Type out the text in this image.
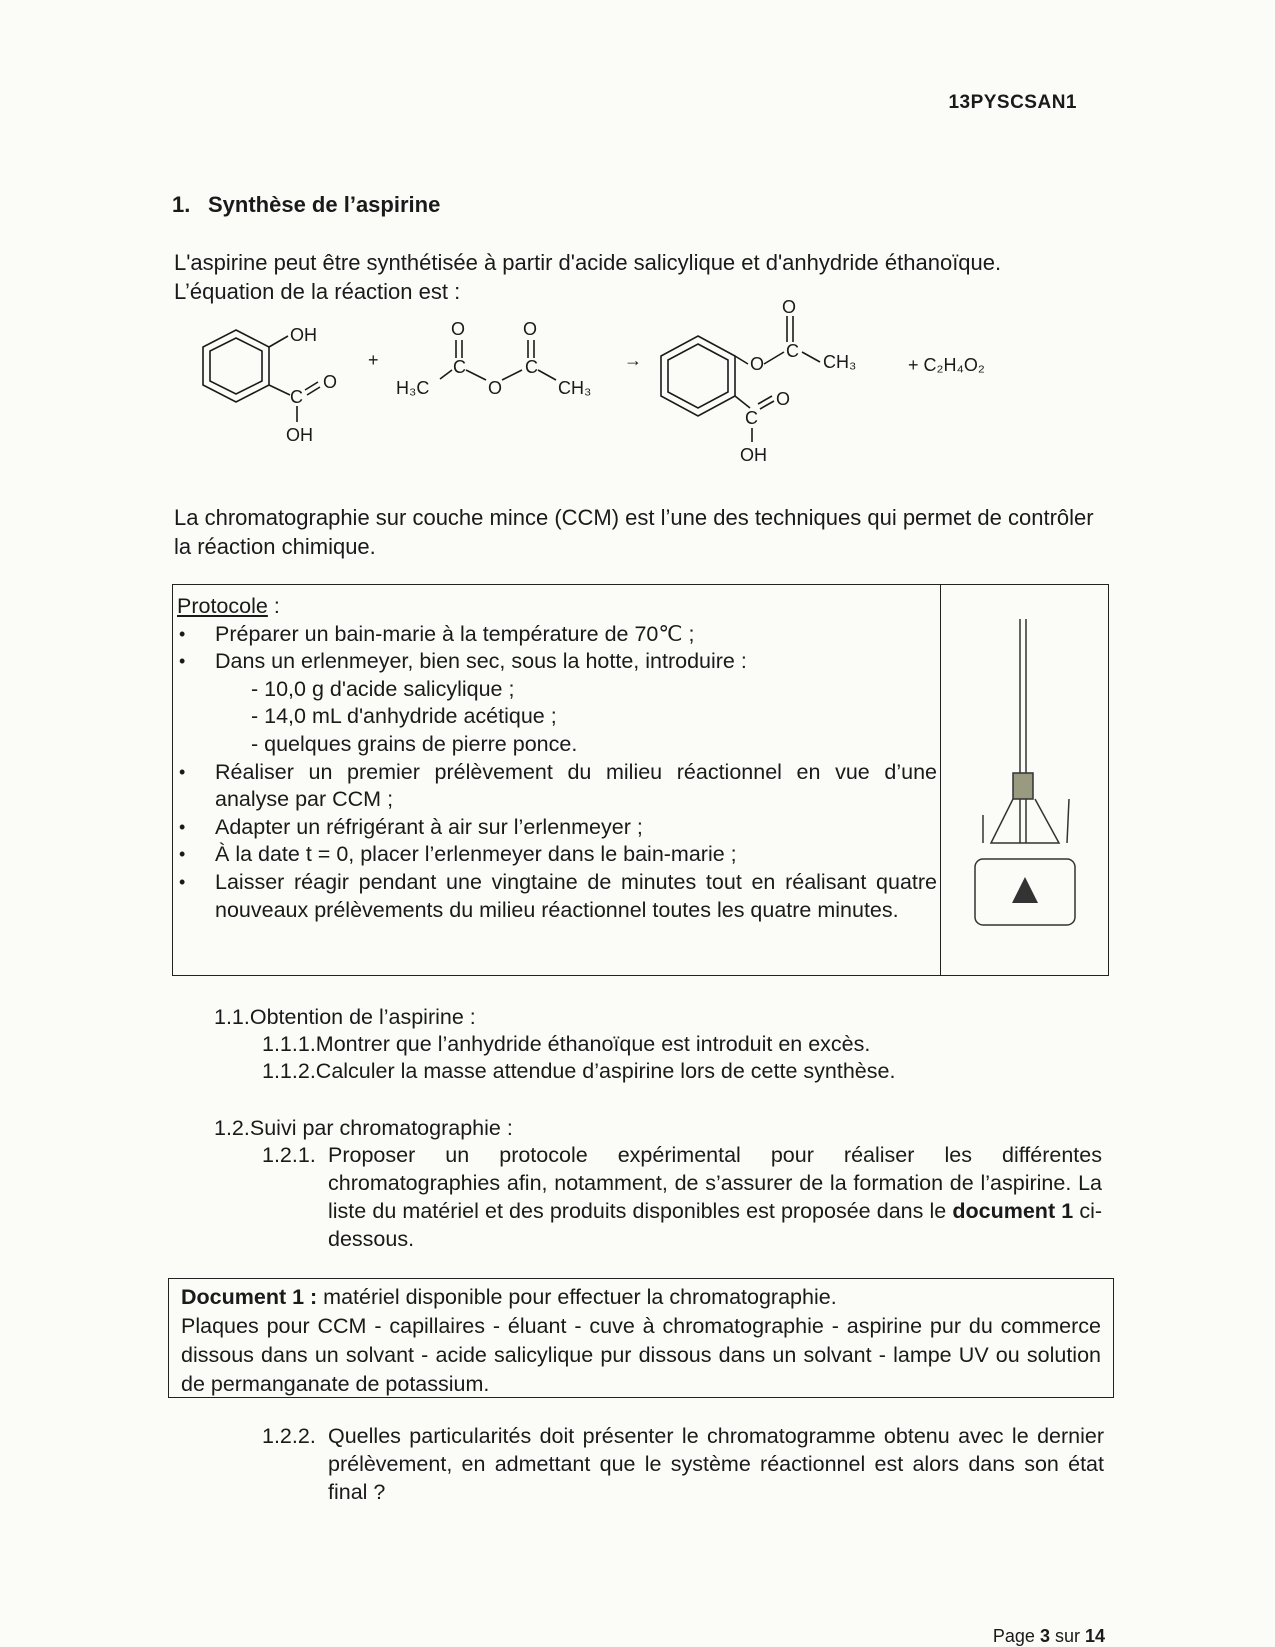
13PYSCSAN1
1. Synthèse de l’aspirine
L'aspirine peut être synthétisée à partir d'acide salicylique et d'anhydride éthanoïque.
L’équation de la réaction est :
OH
O
C
OH
+
O	O
C	C
H₃C	O	CH₃
→
O
C
CH₃
O
C
O
OH
+ C₂H₄O₂
La chromatographie sur couche mince (CCM) est l’une des techniques qui permet de contrôler la réaction chimique.
Protocole :
• Préparer un bain-marie à la température de 70℃ ;
• Dans un erlenmeyer, bien sec, sous la hotte, introduire :
- 10,0 g d'acide salicylique ;
- 14,0 mL d'anhydride acétique ;
- quelques grains de pierre ponce.
• Réaliser un premier prélèvement du milieu réactionnel en vue d’une analyse par CCM ;
• Adapter un réfrigérant à air sur l’erlenmeyer ;
• À la date t = 0, placer l’erlenmeyer dans le bain-marie ;
• Laisser réagir pendant une vingtaine de minutes tout en réalisant quatre nouveaux prélèvements du milieu réactionnel toutes les quatre minutes.
1.1.Obtention de l’aspirine :
1.1.1.Montrer que l’anhydride éthanoïque est introduit en excès.
1.1.2.Calculer la masse attendue d’aspirine lors de cette synthèse.
1.2.Suivi par chromatographie :
1.2.1. Proposer un protocole expérimental pour réaliser les différentes chromatographies afin, notamment, de s’assurer de la formation de l’aspirine. La liste du matériel et des produits disponibles est proposée dans le document 1 ci-dessous.
Document 1 : matériel disponible pour effectuer la chromatographie.
Plaques pour CCM - capillaires - éluant - cuve à chromatographie - aspirine pur du commerce dissous dans un solvant - acide salicylique pur dissous dans un solvant - lampe UV ou solution de permanganate de potassium.
1.2.2. Quelles particularités doit présenter le chromatogramme obtenu avec le dernier prélèvement, en admettant que le système réactionnel est alors dans son état final ?
Page 3 sur 14
